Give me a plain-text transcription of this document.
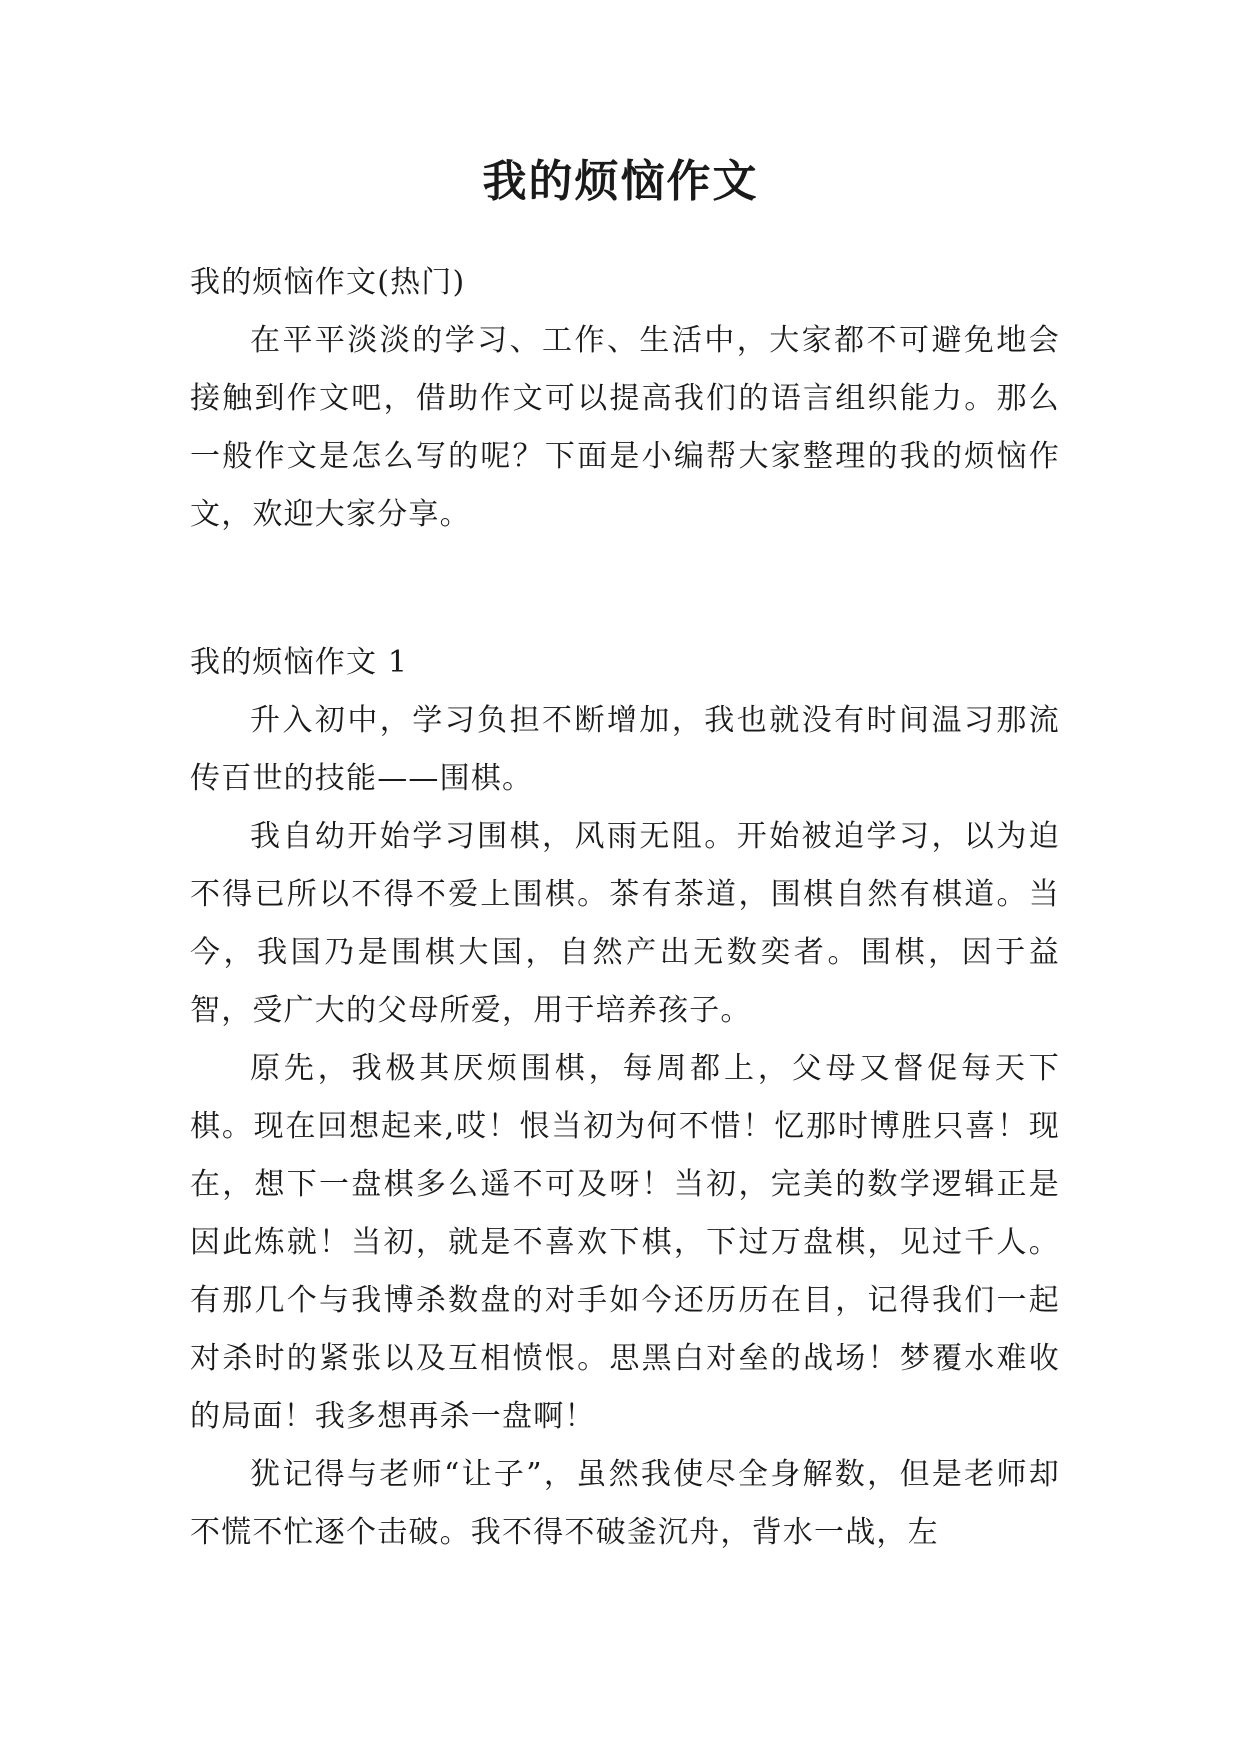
我的烦恼作文
我的烦恼作文(热门)

在平平淡淡的学习、工作、生活中，大家都不可避免地会接触到作文吧，借助作文可以提高我们的语言组织能力。那么一般作文是怎么写的呢？下面是小编帮大家整理的我的烦恼作文，欢迎大家分享。

我的烦恼作文 1

升入初中，学习负担不断增加，我也就没有时间温习那流传百世的技能——围棋。

我自幼开始学习围棋，风雨无阻。开始被迫学习，以为迫不得已所以不得不爱上围棋。茶有茶道，围棋自然有棋道。当今，我国乃是围棋大国，自然产出无数奕者。围棋，因于益智，受广大的父母所爱，用于培养孩子。

原先，我极其厌烦围棋，每周都上，父母又督促每天下棋。现在回想起来,哎！恨当初为何不惜！忆那时博胜只喜！现在，想下一盘棋多么遥不可及呀！当初，完美的数学逻辑正是因此炼就！当初，就是不喜欢下棋，下过万盘棋，见过千人。有那几个与我博杀数盘的对手如今还历历在目，记得我们一起对杀时的紧张以及互相愤恨。思黑白对垒的战场！梦覆水难收的局面！我多想再杀一盘啊！

犹记得与老师“让子”，虽然我使尽全身解数，但是老师却不慌不忙逐个击破。我不得不破釜沉舟，背水一战，左
